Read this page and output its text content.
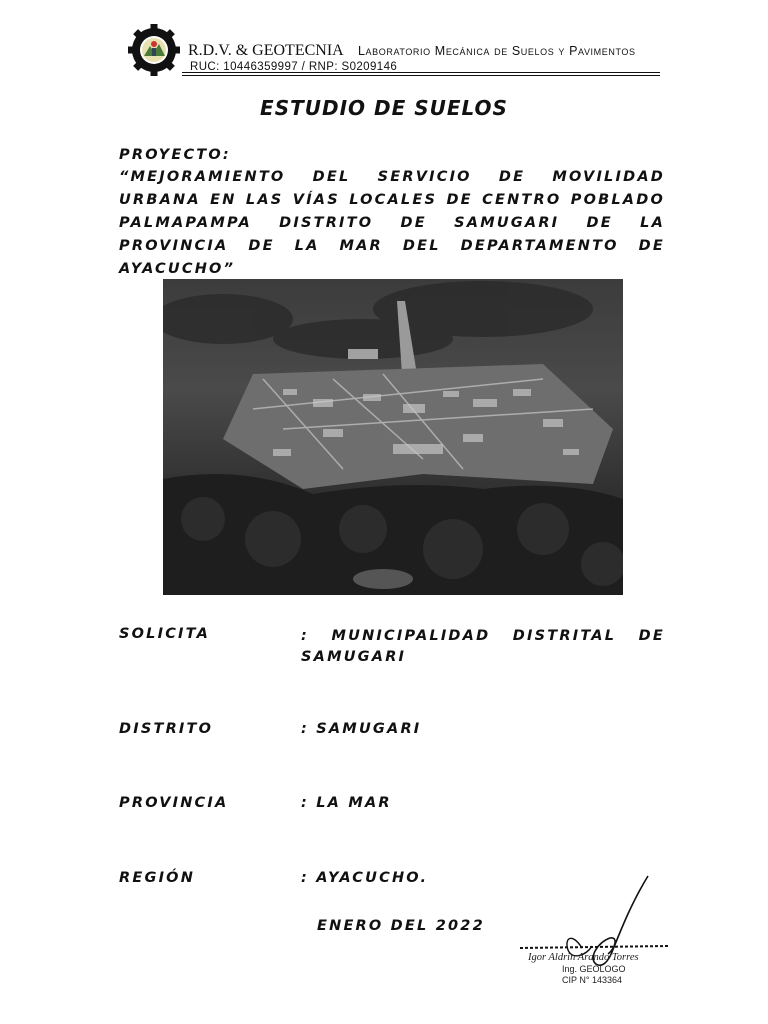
R.D.V. & GEOTECNIA Laboratorio Mecánica de Suelos y Pavimentos
RUC: 10446359997 / RNP: S0209146
ESTUDIO DE SUELOS
PROYECTO:
“MEJORAMIENTO DEL SERVICIO DE MOVILIDAD URBANA EN LAS VÍAS LOCALES DE CENTRO POBLADO PALMAPAMPA DISTRITO DE SAMUGARI DE LA PROVINCIA DE LA MAR DEL DEPARTAMENTO DE AYACUCHO”
SOLICITA	: MUNICIPALIDAD DISTRITAL DE SAMUGARI
DISTRITO	: SAMUGARI
PROVINCIA	: LA MAR
REGIÓN	: AYACUCHO.
ENERO DEL 2022
Igor Aldrin Arando Torres
Ing. GEÓLOGO
CIP N° 143364
